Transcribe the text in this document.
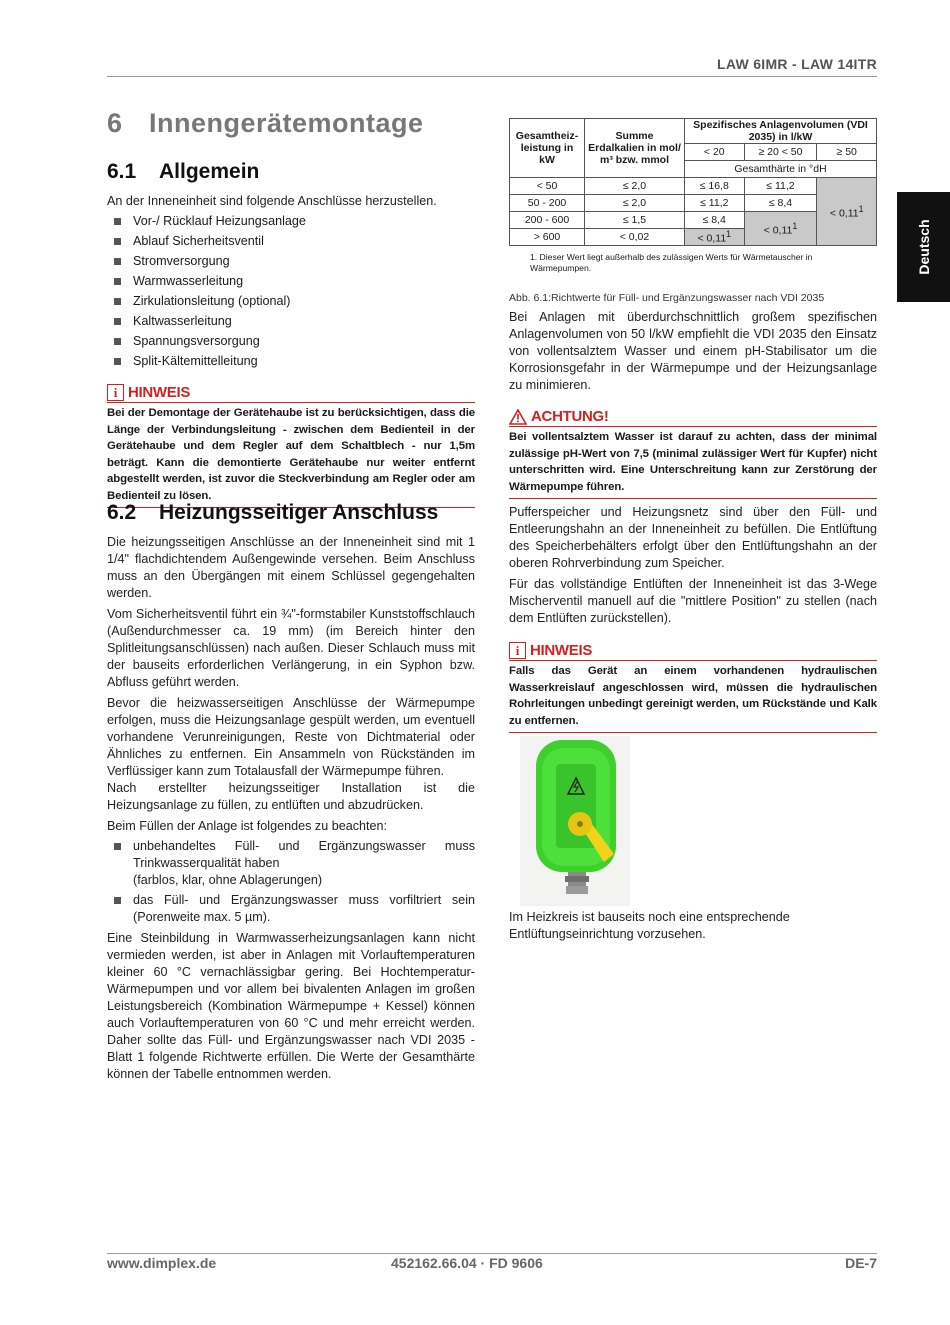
LAW 6IMR - LAW 14ITR
Deutsch
6 Innengerätemontage
6.1 Allgemein
An der Inneneinheit sind folgende Anschlüsse herzustellen.
Vor-/ Rücklauf Heizungsanlage
Ablauf Sicherheitsventil
Stromversorgung
Warmwasserleitung
Zirkulationsleitung (optional)
Kaltwasserleitung
Spannungsversorgung
Split-Kältemittelleitung
i HINWEIS
Bei der Demontage der Gerätehaube ist zu berücksichtigen, dass die Länge der Verbindungsleitung - zwischen dem Bedienteil in der Gerätehaube und dem Regler auf dem Schaltblech - nur 1,5m beträgt. Kann die demontierte Gerätehaube nur weiter entfernt abgestellt werden, ist zuvor die Steckverbindung am Regler oder am Bedienteil zu lösen.
6.2 Heizungsseitiger Anschluss
Die heizungsseitigen Anschlüsse an der Inneneinheit sind mit 1 1/4" flachdichtendem Außengewinde versehen. Beim Anschluss muss an den Übergängen mit einem Schlüssel gegengehalten werden.
Vom Sicherheitsventil führt ein ¾"-formstabiler Kunststoffschlauch (Außendurchmesser ca. 19 mm) (im Bereich hinter den Splitleitungsanschlüssen) nach außen. Dieser Schlauch muss mit der bauseits erforderlichen Verlängerung, in ein Syphon bzw. Abfluss geführt werden.
Bevor die heizwasserseitigen Anschlüsse der Wärmepumpe erfolgen, muss die Heizungsanlage gespült werden, um eventuell vorhandene Verunreinigungen, Reste von Dichtmaterial oder Ähnliches zu entfernen. Ein Ansammeln von Rückständen im Verflüssiger kann zum Totalausfall der Wärmepumpe führen.
Nach erstellter heizungsseitiger Installation ist die Heizungsanlage zu füllen, zu entlüften und abzudrücken.
Beim Füllen der Anlage ist folgendes zu beachten:
unbehandeltes Füll- und Ergänzungswasser muss Trinkwasserqualität haben
(farblos, klar, ohne Ablagerungen)
das Füll- und Ergänzungswasser muss vorfiltriert sein (Porenweite max. 5 µm).
Eine Steinbildung in Warmwasserheizungsanlagen kann nicht vermieden werden, ist aber in Anlagen mit Vorlauftemperaturen kleiner 60 °C vernachlässigbar gering. Bei Hochtemperatur-Wärmepumpen und vor allem bei bivalenten Anlagen im großen Leistungsbereich (Kombination Wärmepumpe + Kessel) können auch Vorlauftemperaturen von 60 °C und mehr erreicht werden. Daher sollte das Füll- und Ergänzungswasser nach VDI 2035 - Blatt 1 folgende Richtwerte erfüllen. Die Werte der Gesamthärte können der Tabelle entnommen werden.
Gesamtheiz-leistung in kW	Summe Erdalkalien in mol/ m³ bzw. mmol	Spezifisches Anlagenvolumen (VDI 2035) in l/kW		
		< 20	≥ 20 < 50	≥ 50
		Gesamthärte in °dH		
< 50	≤ 2,0	≤ 16,8	≤ 11,2	< $0,11^1$
50 - 200	≤ 2,0	≤ 11,2	≤ 8,4	
200 - 600	≤ 1,5	≤ 8,4	< $0,11^1$
> 600	< 0,02	< $0,11^1$
1. Dieser Wert liegt außerhalb des zulässigen Werts für Wärmetauscher in Wärmepumpen.
Abb. 6.1:Richtwerte für Füll- und Ergänzungswasser nach VDI 2035
Bei Anlagen mit überdurchschnittlich großem spezifischen Anlagenvolumen von 50 l/kW empfiehlt die VDI 2035 den Einsatz von vollentsalztem Wasser und einem pH-Stabilisator um die Korrosionsgefahr in der Wärmepumpe und der Heizungsanlage zu minimieren.
ACHTUNG!
Bei vollentsalztem Wasser ist darauf zu achten, dass der minimal zulässige pH-Wert von 7,5 (minimal zulässiger Wert für Kupfer) nicht unterschritten wird. Eine Unterschreitung kann zur Zerstörung der Wärmepumpe führen.
Pufferspeicher und Heizungsnetz sind über den Füll- und Entleerungshahn an der Inneneinheit zu befüllen. Die Entlüftung des Speicherbehälters erfolgt über den Entlüftungshahn an der oberen Rohrverbindung zum Speicher.
Für das vollständige Entlüften der Inneneinheit ist das 3-Wege Mischerventil manuell auf die "mittlere Position" zu stellen (nach dem Entlüften zurückstellen).
i HINWEIS
Falls das Gerät an einem vorhandenen hydraulischen Wasserkreislauf angeschlossen wird, müssen die hydraulischen Rohrleitungen unbedingt gereinigt werden, um Rückstände und Kalk zu entfernen.
Im Heizkreis ist bauseits noch eine entsprechende Entlüftungseinrichtung vorzusehen.
www.dimplex.de	452162.66.04 · FD 9606	DE-7
